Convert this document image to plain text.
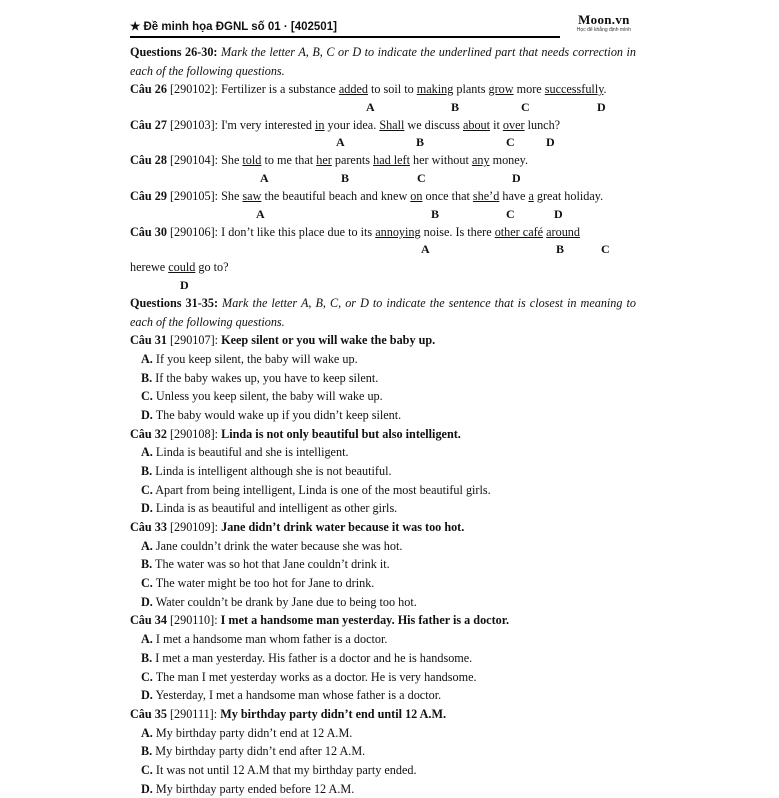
★ Đề minh họa ĐGNL số 01 · [402501]	Moon.vn
Học để khẳng định mình
Questions 26-30: Mark the letter A, B, C or D to indicate the underlined part that needs correction in each of the following questions.
Câu 26 [290102]: Fertilizer is a substance added to soil to making plants grow more successfully.
A	B	C	D
Câu 27 [290103]: I'm very interested in your idea. Shall we discuss about it over lunch?
A	B	C	D
Câu 28 [290104]: She told to me that her parents had left her without any money.
A	B	C	D
Câu 29 [290105]: She saw the beautiful beach and knew on once that she’d have a great holiday.
A	B	C	D
Câu 30 [290106]: I don’t like this place due to its annoying noise. Is there other café around
A	B	C
herewe could go to?
D
Questions 31-35: Mark the letter A, B, C, or D to indicate the sentence that is closest in meaning to each of the following questions.
Câu 31 [290107]: Keep silent or you will wake the baby up.
A. If you keep silent, the baby will wake up.
B. If the baby wakes up, you have to keep silent.
C. Unless you keep silent, the baby will wake up.
D. The baby would wake up if you didn’t keep silent.
Câu 32 [290108]: Linda is not only beautiful but also intelligent.
A. Linda is beautiful and she is intelligent.
B. Linda is intelligent although she is not beautiful.
C. Apart from being intelligent, Linda is one of the most beautiful girls.
D. Linda is as beautiful and intelligent as other girls.
Câu 33 [290109]: Jane didn’t drink water because it was too hot.
A. Jane couldn’t drink the water because she was hot.
B. The water was so hot that Jane couldn’t drink it.
C. The water might be too hot for Jane to drink.
D. Water couldn’t be drank by Jane due to being too hot.
Câu 34 [290110]: I met a handsome man yesterday. His father is a doctor.
A. I met a handsome man whom father is a doctor.
B. I met a man yesterday. His father is a doctor and he is handsome.
C. The man I met yesterday works as a doctor. He is very handsome.
D. Yesterday, I met a handsome man whose father is a doctor.
Câu 35 [290111]: My birthday party didn’t end until 12 A.M.
A. My birthday party didn’t end at 12 A.M.
B. My birthday party didn’t end after 12 A.M.
C. It was not until 12 A.M that my birthday party ended.
D. My birthday party ended before 12 A.M.
